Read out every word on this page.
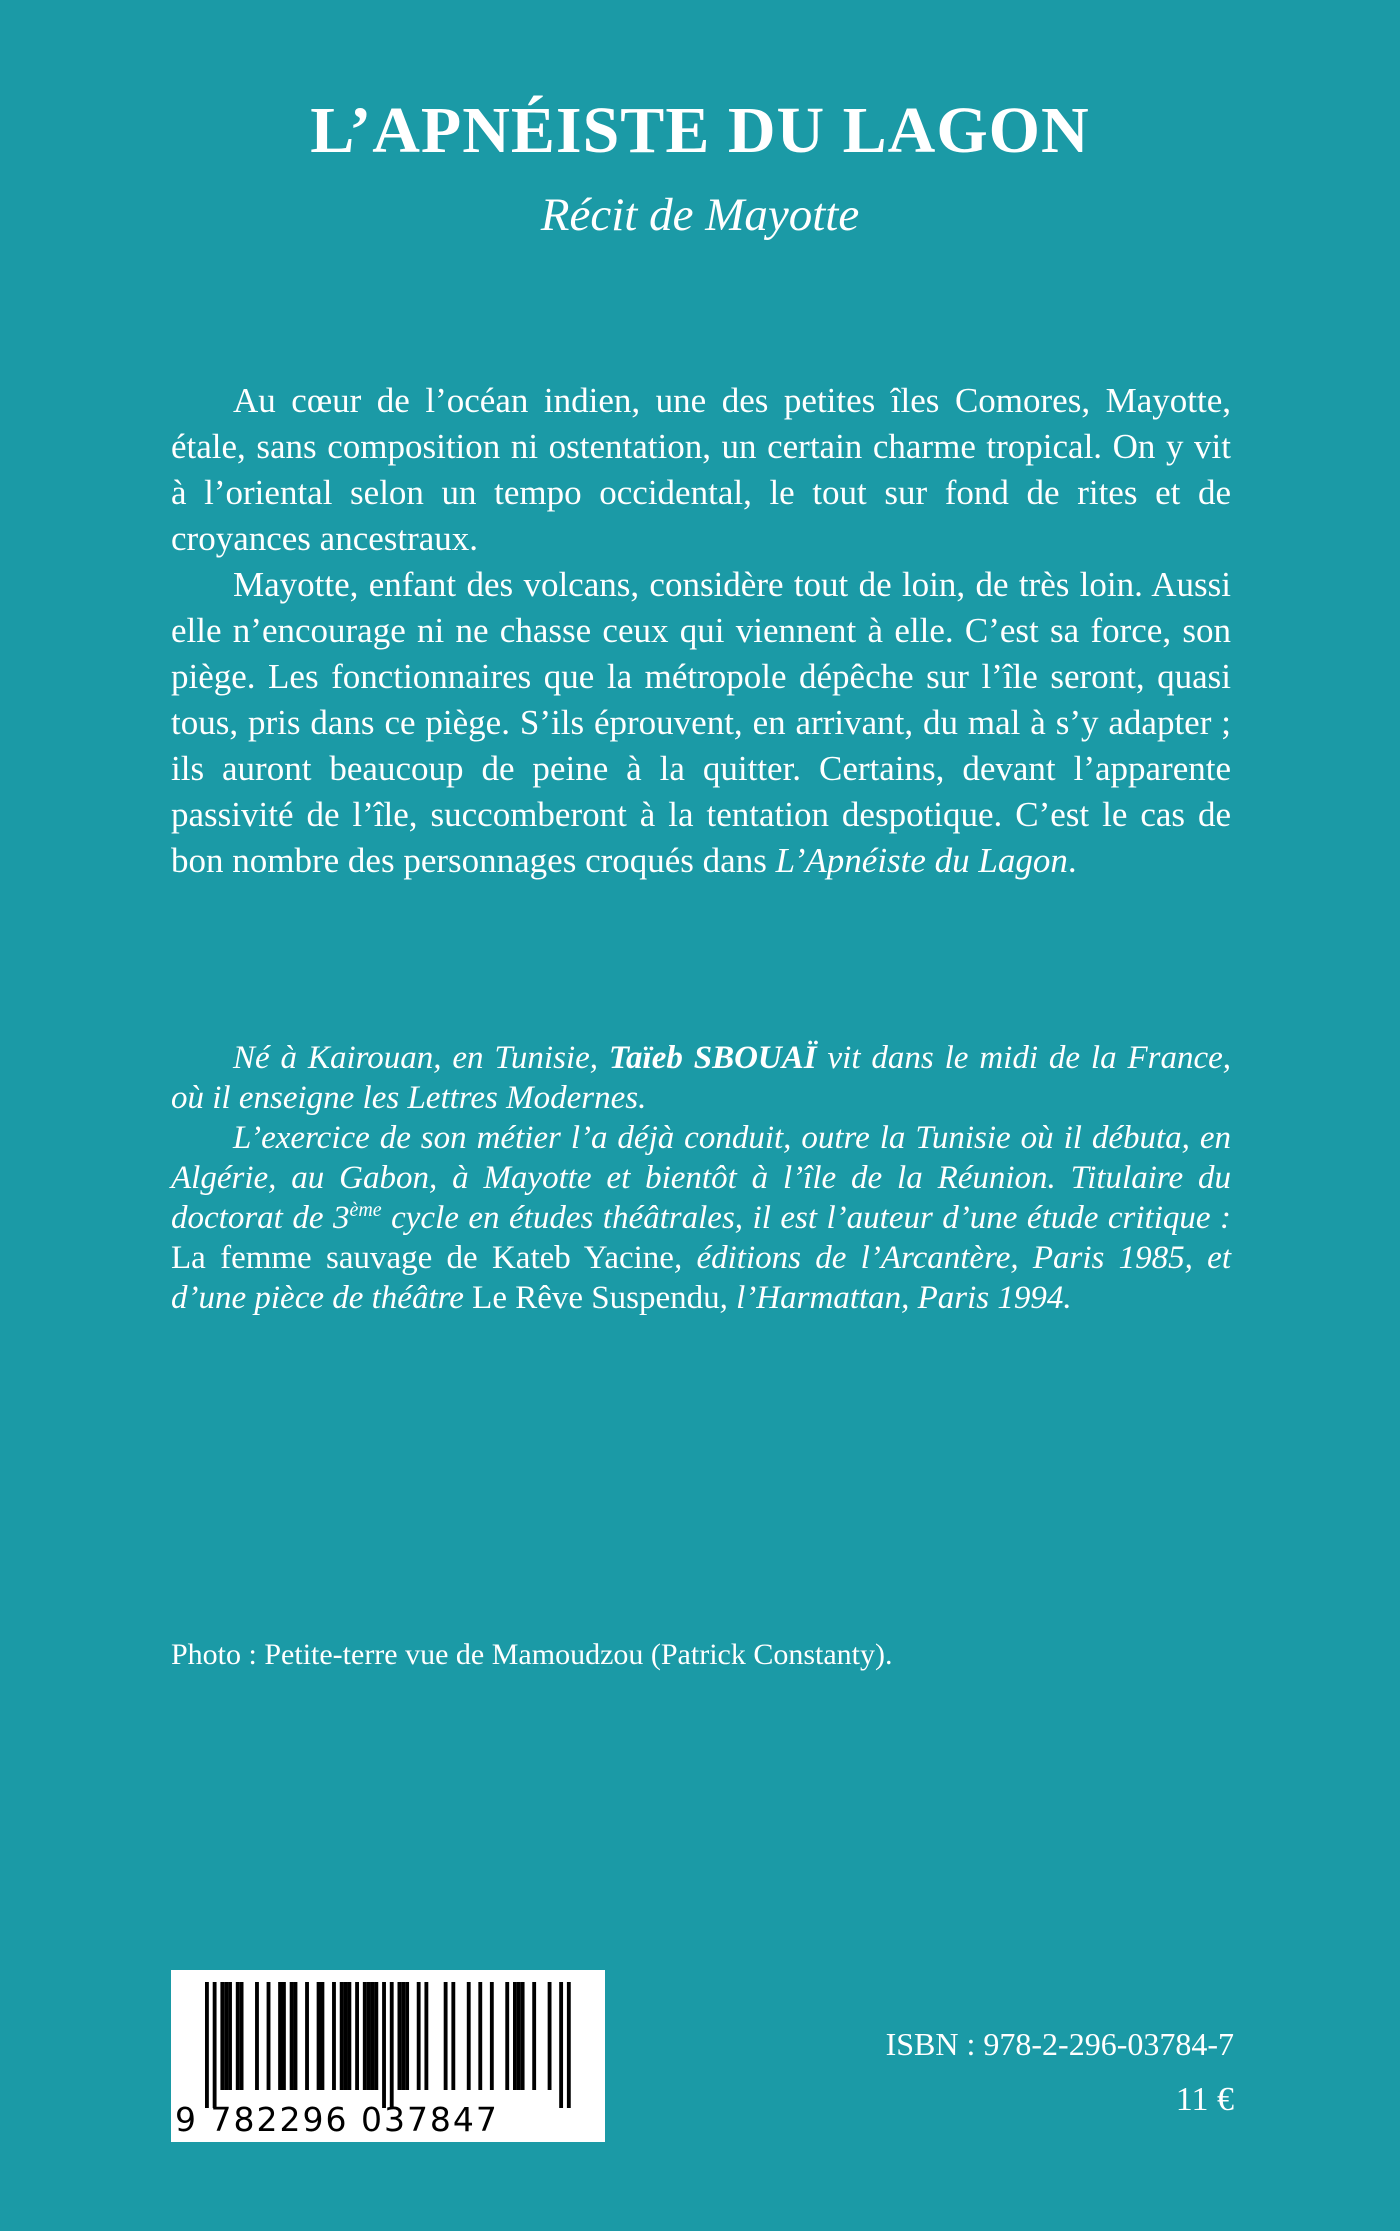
L’APNÉISTE DU LAGON
Récit de Mayotte

Au cœur de l’océan indien, une des petites îles Comores, Mayotte, étale, sans composition ni ostentation, un certain charme tropical. On y vit à l’oriental selon un tempo occidental, le tout sur fond de rites et de croyances ancestraux.

Mayotte, enfant des volcans, considère tout de loin, de très loin. Aussi elle n’encourage ni ne chasse ceux qui viennent à elle. C’est sa force, son piège. Les fonctionnaires que la métropole dépêche sur l’île seront, quasi tous, pris dans ce piège. S’ils éprouvent, en arrivant, du mal à s’y adapter ; ils auront beaucoup de peine à la quitter. Certains, devant l’apparente passivité de l’île, succomberont à la tentation despotique. C’est le cas de bon nombre des personnages croqués dans L’Apnéiste du Lagon.

Né à Kairouan, en Tunisie, Taïeb SBOUAÏ vit dans le midi de la France, où il enseigne les Lettres Modernes.

L’exercice de son métier l’a déjà conduit, outre la Tunisie où il débuta, en Algérie, au Gabon, à Mayotte et bientôt à l’île de la Réunion. Titulaire du doctorat de 3ème cycle en études théâtrales, il est l’auteur d’une étude critique : La femme sauvage de Kateb Yacine, éditions de l’Arcantère, Paris 1985, et d’une pièce de théâtre Le Rêve Suspendu, l’Harmattan, Paris 1994.

Photo : Petite-terre vue de Mamoudzou (Patrick Constanty).
9 782296 037847
ISBN : 978-2-296-03784-7
11 €
